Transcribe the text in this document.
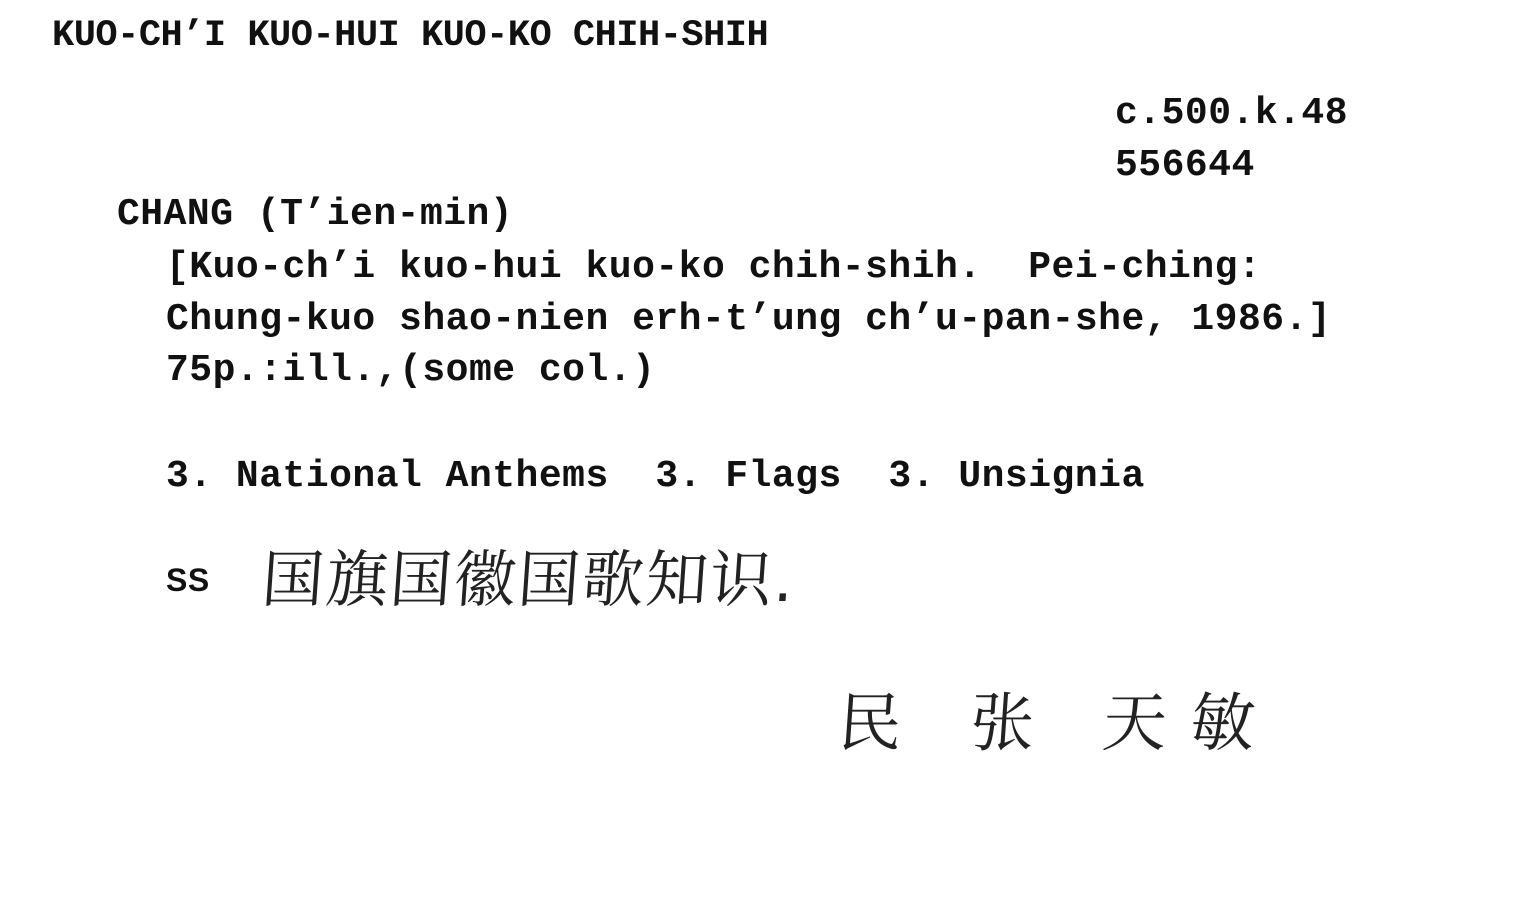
KUO-CH’I KUO-HUI KUO-KO CHIH-SHIH
c.500.k.48
556644
CHANG (T’ien-min)
[Kuo-ch’i kuo-hui kuo-ko chih-shih.  Pei-ching:
Chung-kuo shao-nien erh-t’ung ch’u-pan-she, 1986.]
75p.:ill.,(some col.)
3. National Anthems  3. Flags  3. Unsignia
SS 国旗国徽国歌知识.
民 张 天敏
